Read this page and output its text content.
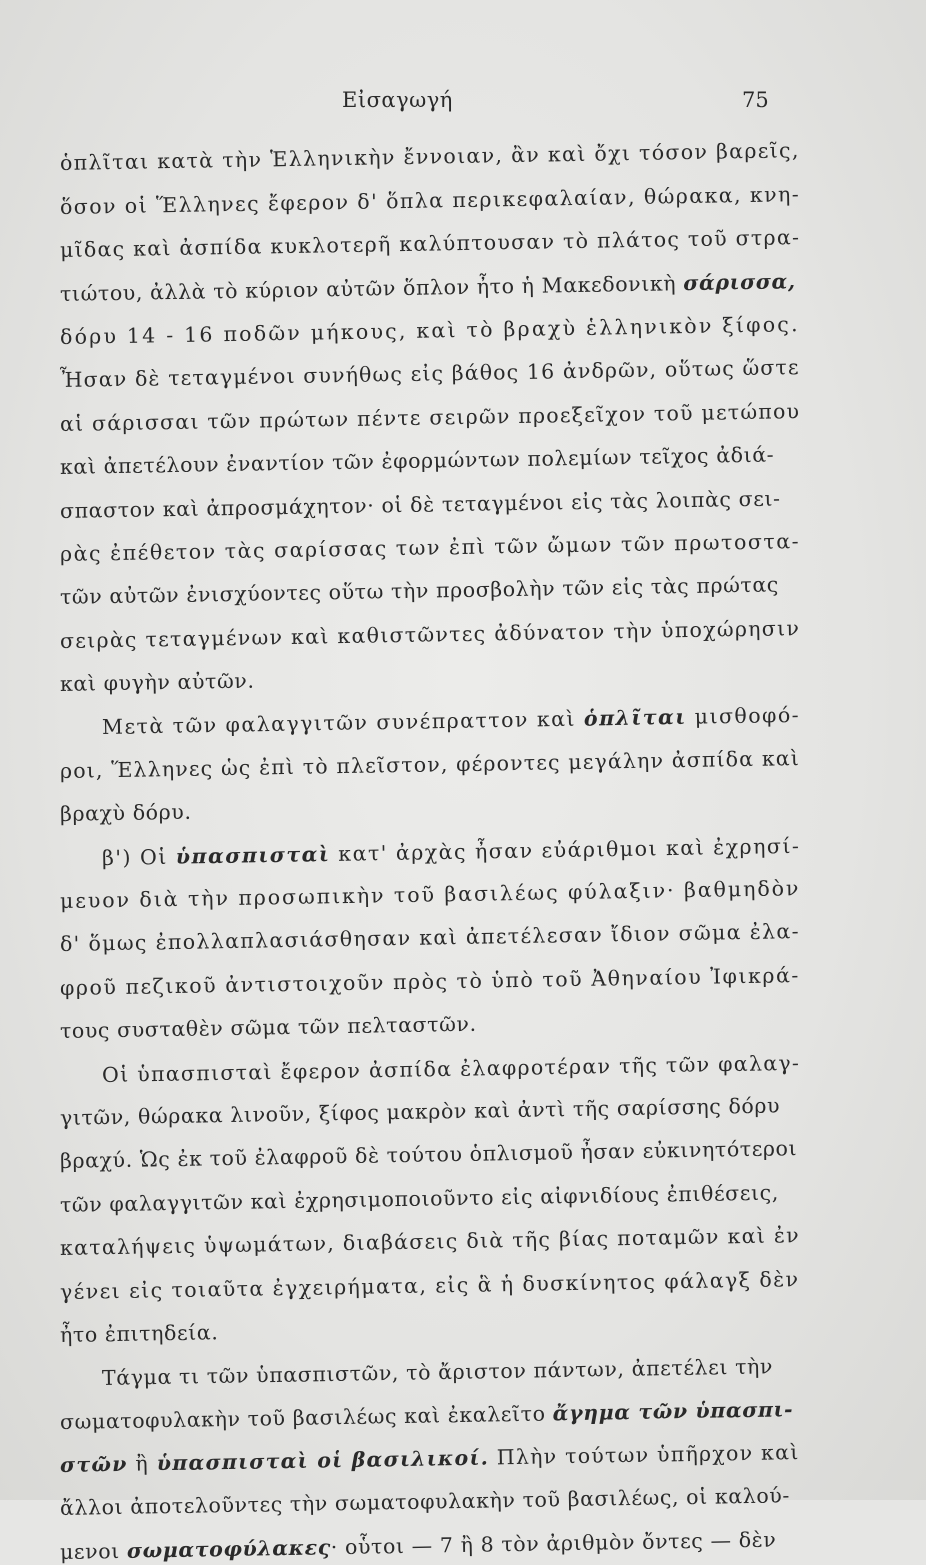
Εἰσαγωγή	75
ὁπλῖται κατὰ τὴν Ἑλληνικὴν ἔννοιαν, ἂν καὶ ὄχι τόσον βαρεῖς,
ὅσον οἱ Ἕλληνες ἔφερον δ' ὅπλα περικεφαλαίαν, θώρακα, κνη-
μῖδας καὶ ἀσπίδα κυκλοτερῆ καλύπτουσαν τὸ πλάτος τοῦ στρα-
τιώτου, ἀλλὰ τὸ κύριον αὐτῶν ὅπλον ἦτο ἡ Μακεδονικὴ σάρισσα,
δόρυ 14 - 16 ποδῶν μήκους, καὶ τὸ βραχὺ ἑλληνικὸν ξίφος.
Ἦσαν δὲ τεταγμένοι συνήθως εἰς βάθος 16 ἀνδρῶν, οὕτως ὥστε
αἱ σάρισσαι τῶν πρώτων πέντε σειρῶν προεξεῖχον τοῦ μετώπου
καὶ ἀπετέλουν ἐναντίον τῶν ἐφορμώντων πολεμίων τεῖχος ἀδιά-
σπαστον καὶ ἀπροσμάχητον· οἱ δὲ τεταγμένοι εἰς τὰς λοιπὰς σει-
ρὰς ἐπέθετον τὰς σαρίσσας των ἐπὶ τῶν ὤμων τῶν πρωτοστα-
τῶν αὐτῶν ἐνισχύοντες οὕτω τὴν προσβολὴν τῶν εἰς τὰς πρώτας
σειρὰς τεταγμένων καὶ καθιστῶντες ἀδύνατον τὴν ὑποχώρησιν
καὶ φυγὴν αὐτῶν.
Μετὰ τῶν φαλαγγιτῶν συνέπραττον καὶ ὁπλῖται μισθοφό-
ροι, Ἕλληνες ὡς ἐπὶ τὸ πλεῖστον, φέροντες μεγάλην ἀσπίδα καὶ
βραχὺ δόρυ.
β') Οἱ ὑπασπισταὶ κατ' ἀρχὰς ἦσαν εὐάριθμοι καὶ ἐχρησί-
μευον διὰ τὴν προσωπικὴν τοῦ βασιλέως φύλαξιν· βαθμηδὸν
δ' ὅμως ἐπολλαπλασιάσθησαν καὶ ἀπετέλεσαν ἴδιον σῶμα ἐλα-
φροῦ πεζικοῦ ἀντιστοιχοῦν πρὸς τὸ ὑπὸ τοῦ Ἀθηναίου Ἰφικρά-
τους συσταθὲν σῶμα τῶν πελταστῶν.
Οἱ ὑπασπισταὶ ἔφερον ἀσπίδα ἐλαφροτέραν τῆς τῶν φαλαγ-
γιτῶν, θώρακα λινοῦν, ξίφος μακρὸν καὶ ἀντὶ τῆς σαρίσσης δόρυ
βραχύ. Ὡς ἐκ τοῦ ἐλαφροῦ δὲ τούτου ὁπλισμοῦ ἦσαν εὐκινητότεροι
τῶν φαλαγγιτῶν καὶ ἐχρησιμοποιοῦντο εἰς αἰφνιδίους ἐπιθέσεις,
καταλήψεις ὑψωμάτων, διαβάσεις διὰ τῆς βίας ποταμῶν καὶ ἐν
γένει εἰς τοιαῦτα ἐγχειρήματα, εἰς ἃ ἡ δυσκίνητος φάλαγξ δὲν
ἦτο ἐπιτηδεία.
Τάγμα τι τῶν ὑπασπιστῶν, τὸ ἄριστον πάντων, ἀπετέλει τὴν
σωματοφυλακὴν τοῦ βασιλέως καὶ ἐκαλεῖτο ἄγημα τῶν ὑπασπι-
στῶν ἢ ὑπασπισταὶ οἱ βασιλικοί. Πλὴν τούτων ὑπῆρχον καὶ
ἄλλοι ἀποτελοῦντες τὴν σωματοφυλακὴν τοῦ βασιλέως, οἱ καλού-
μενοι σωματοφύλακες· οὗτοι — 7 ἢ 8 τὸν ἀριθμὸν ὄντες — δὲν
